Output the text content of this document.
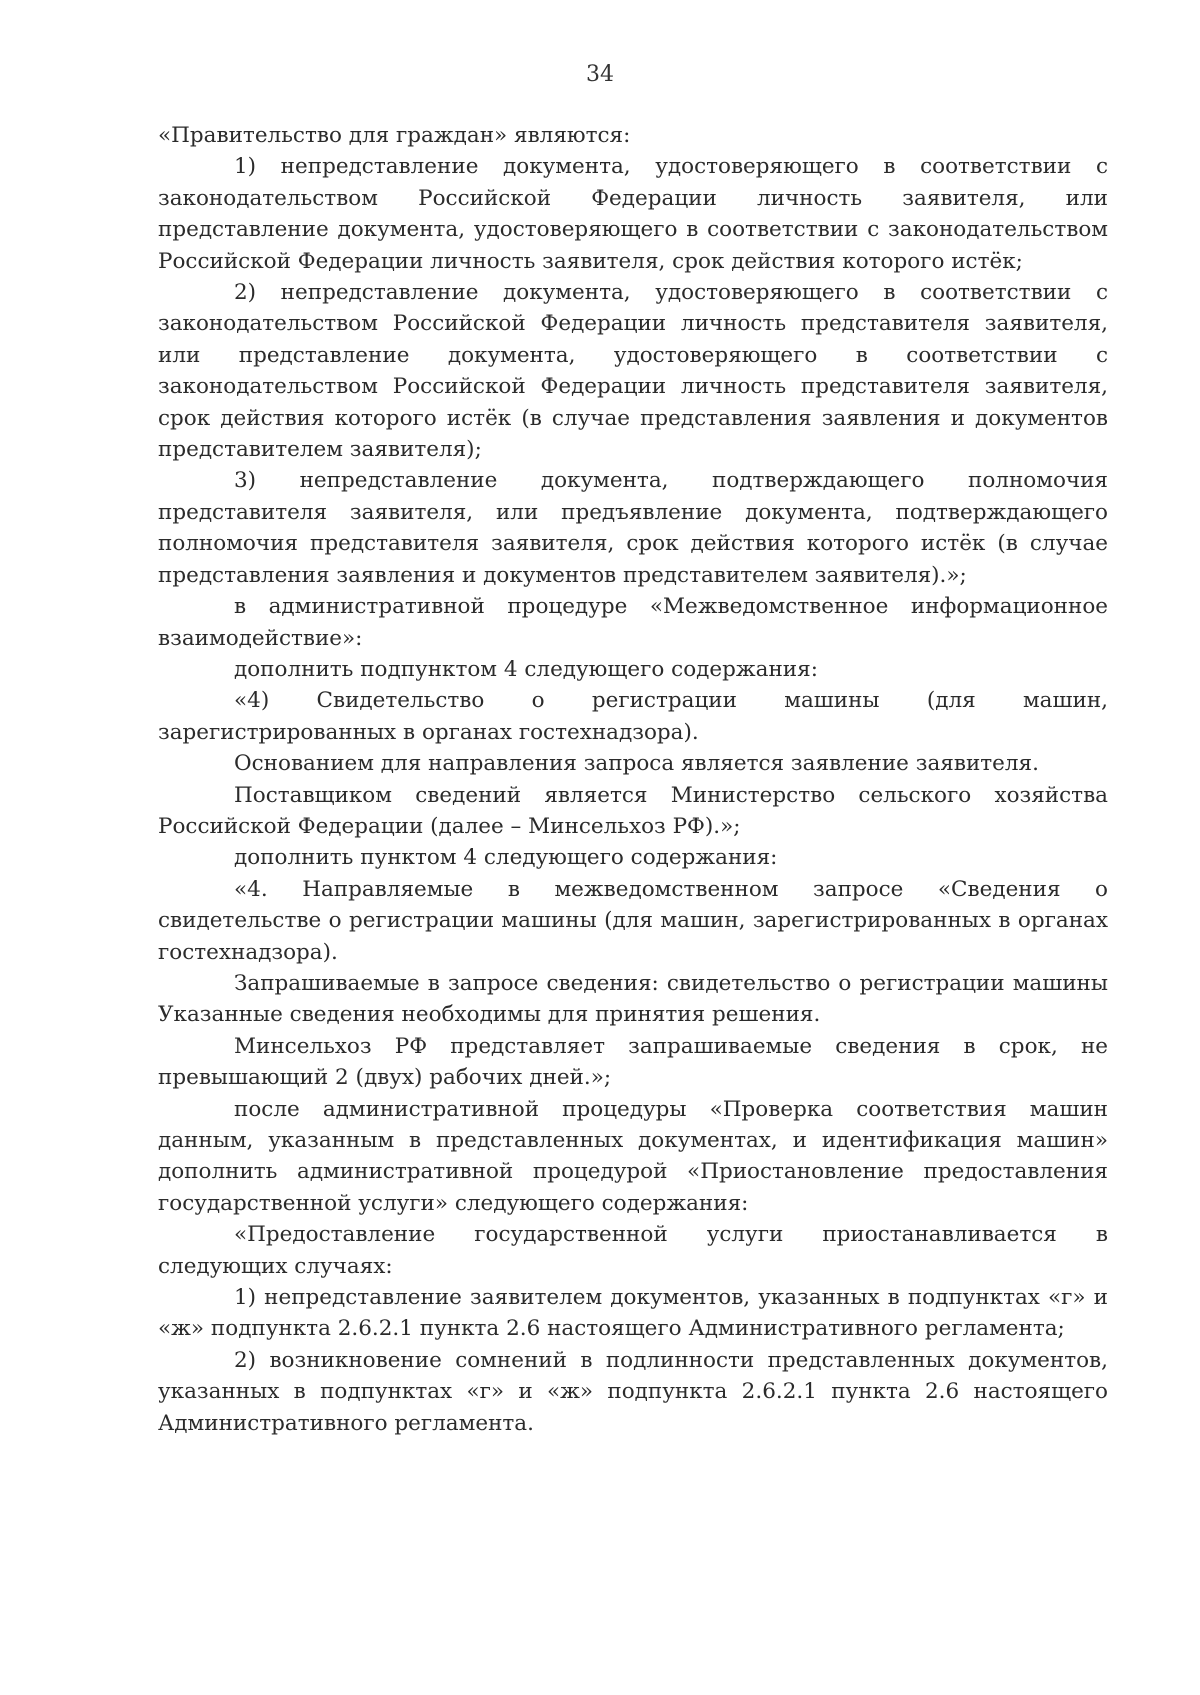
34

«Правительство для граждан» являются:

1) непредставление документа, удостоверяющего в соответствии с законодательством Российской Федерации личность заявителя, или представление документа, удостоверяющего в соответствии с законодательством Российской Федерации личность заявителя, срок действия которого истёк;

2) непредставление документа, удостоверяющего в соответствии с законодательством Российской Федерации личность представителя заявителя, или представление документа, удостоверяющего в соответствии с законодательством Российской Федерации личность представителя заявителя, срок действия которого истёк (в случае представления заявления и документов представителем заявителя);

3) непредставление документа, подтверждающего полномочия представителя заявителя, или предъявление документа, подтверждающего полномочия представителя заявителя, срок действия которого истёк (в случае представления заявления и документов представителем заявителя).»;

в административной процедуре «Межведомственное информационное взаимодействие»:

дополнить подпунктом 4 следующего содержания:

«4) Свидетельство о регистрации машины (для машин, зарегистрированных в органах гостехнадзора).

Основанием для направления запроса является заявление заявителя.

Поставщиком сведений является Министерство сельского хозяйства Российской Федерации (далее – Минсельхоз РФ).»;

дополнить пунктом 4 следующего содержания:

«4. Направляемые в межведомственном запросе «Сведения о свидетельстве о регистрации машины (для машин, зарегистрированных в органах гостехнадзора).

Запрашиваемые в запросе сведения: свидетельство о регистрации машины Указанные сведения необходимы для принятия решения.

Минсельхоз РФ представляет запрашиваемые сведения в срок, не превышающий 2 (двух) рабочих дней.»;

после административной процедуры «Проверка соответствия машин данным, указанным в представленных документах, и идентификация машин» дополнить административной процедурой «Приостановление предоставления государственной услуги» следующего содержания:

«Предоставление государственной услуги приостанавливается в следующих случаях:

1) непредставление заявителем документов, указанных в подпунктах «г» и «ж» подпункта 2.6.2.1 пункта 2.6 настоящего Административного регламента;

2) возникновение сомнений в подлинности представленных документов, указанных в подпунктах «г» и «ж» подпункта 2.6.2.1 пункта 2.6 настоящего Административного регламента.
